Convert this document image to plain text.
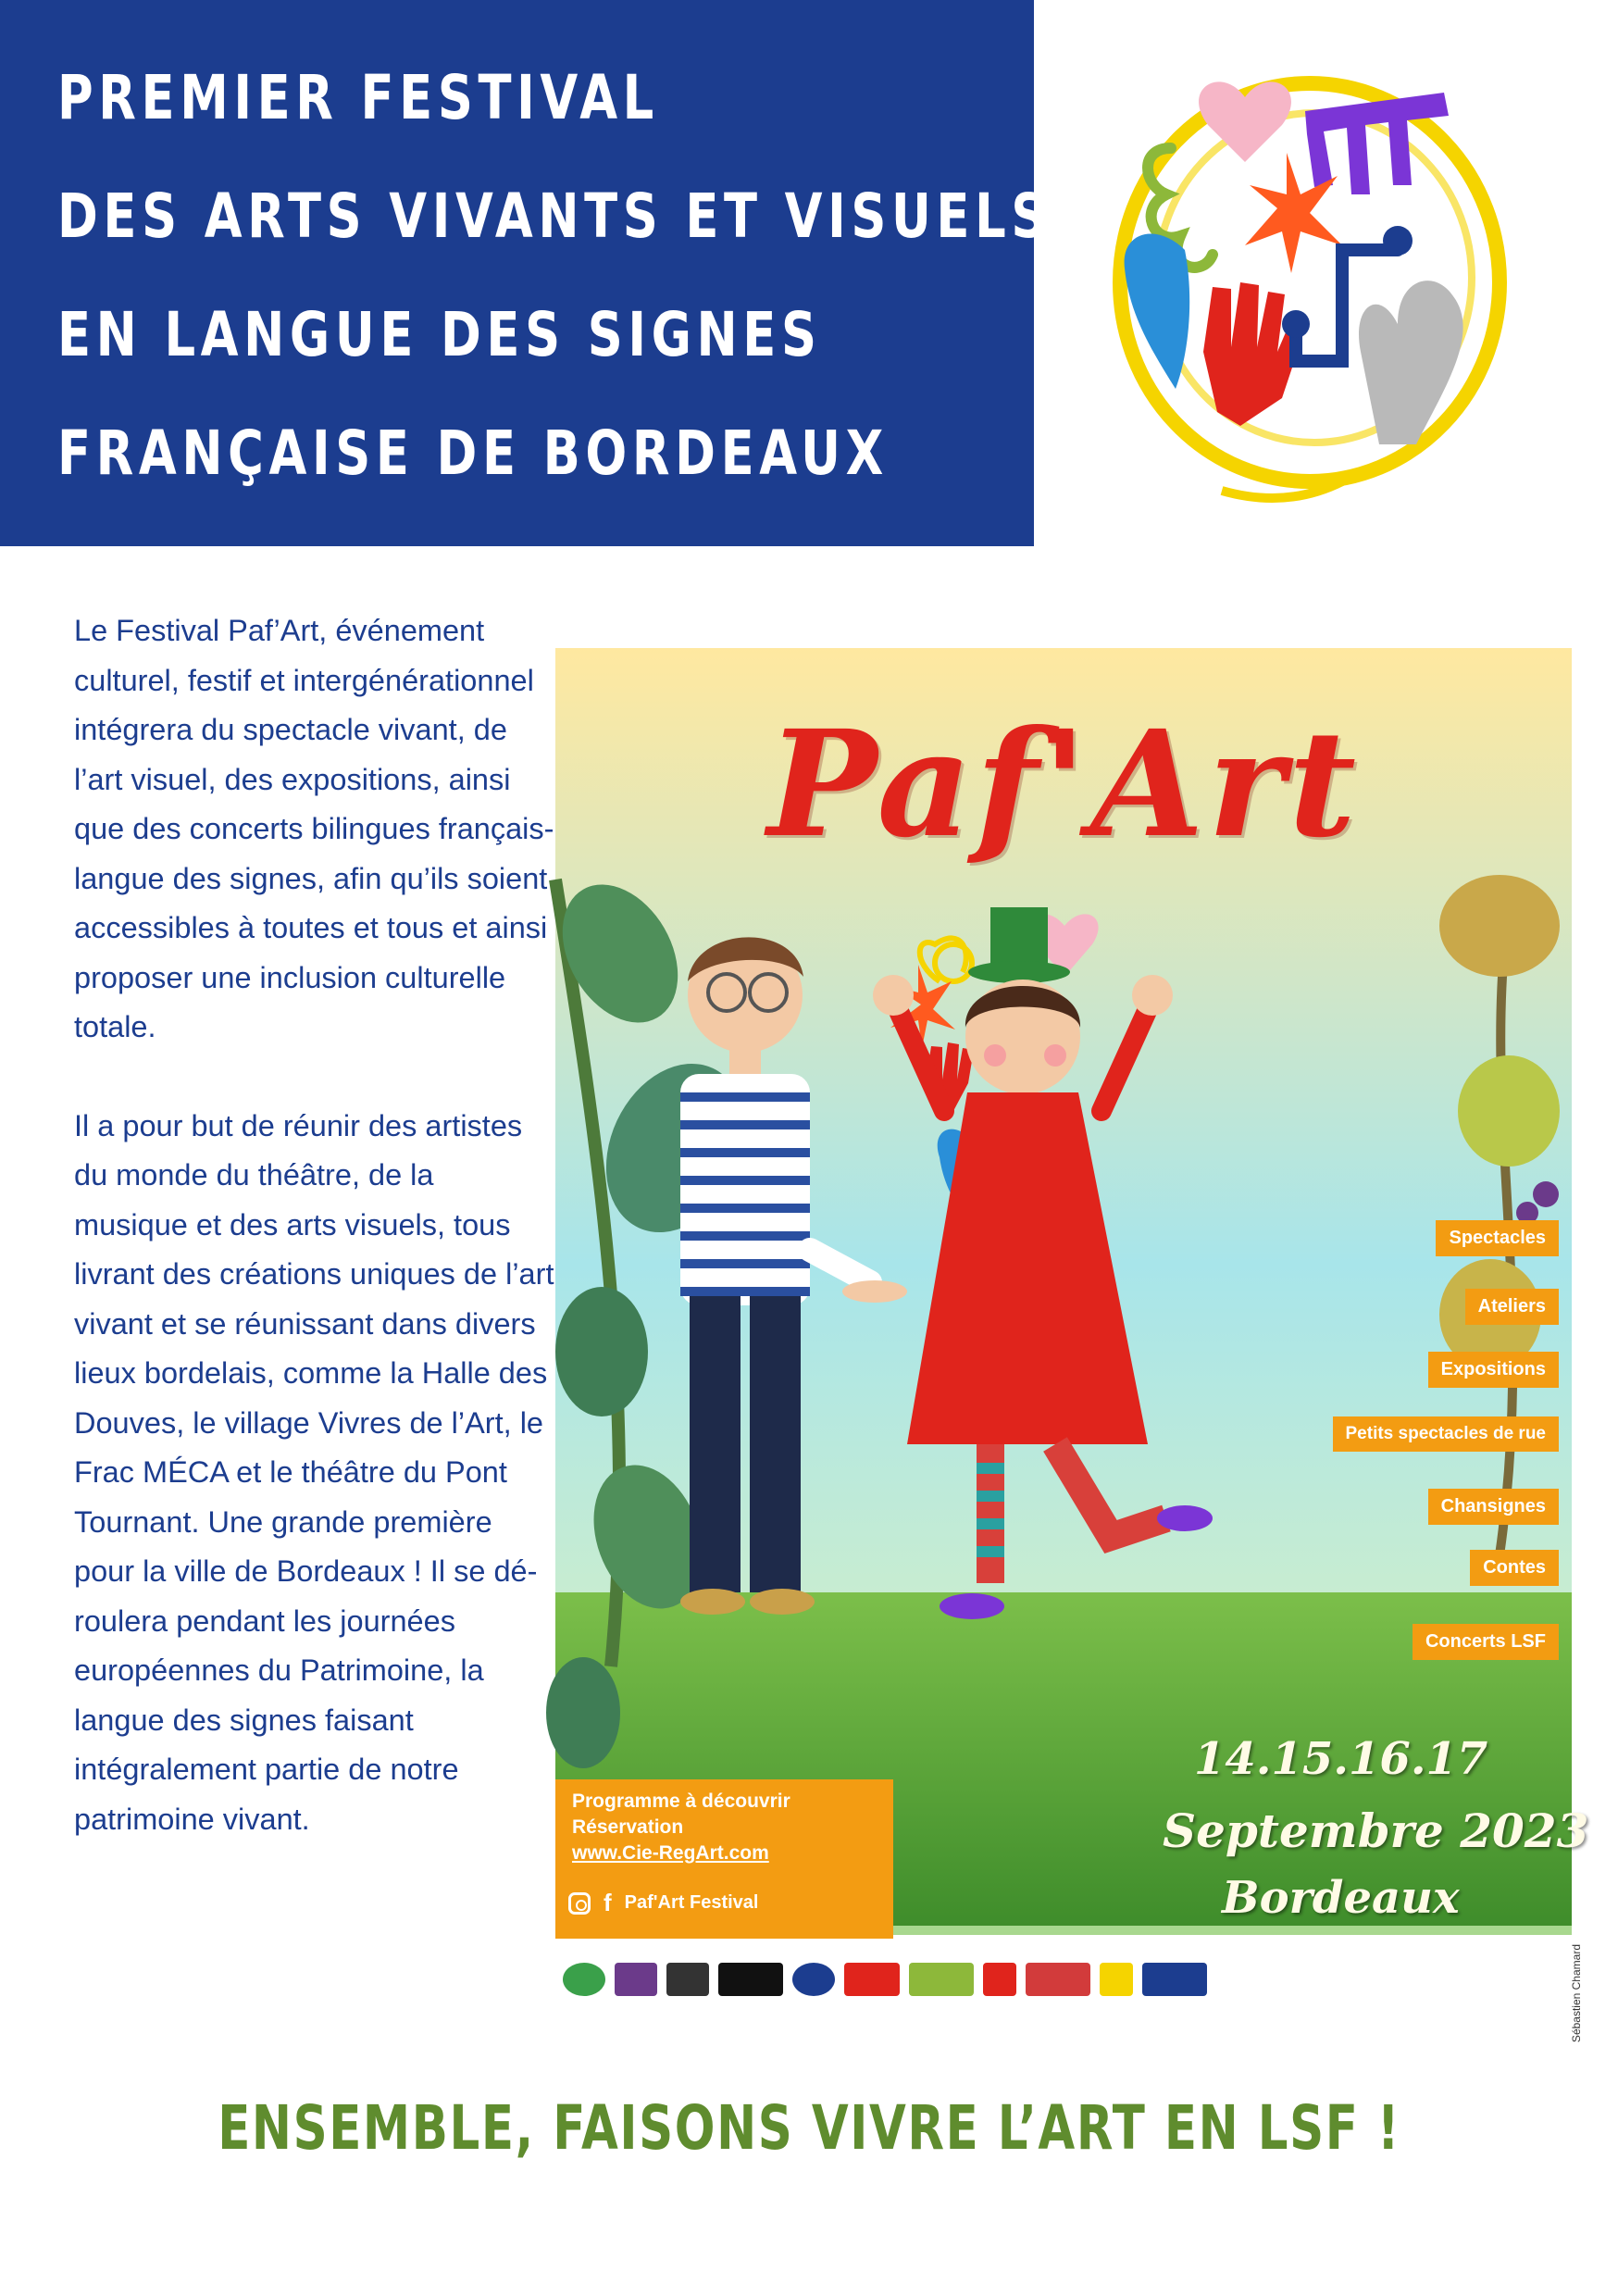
PREMIER FESTIVAL
DES ARTS VIVANTS ET VISUELS
EN LANGUE DES SIGNES
FRANÇAISE DE BORDEAUX

Le Festival Paf’Art, événement culturel, festif et intergénérationnel intégrera du spectacle vivant, de l’art visuel, des expositions, ainsi que des concerts bilingues français-langue des signes, afin qu’ils soient accessibles à toutes et tous et ainsi proposer une inclusion culturelle totale.

Il a pour but de réunir des artistes du monde du théâtre, de la musique et des arts visuels, tous livrant des créations uniques de l’art vivant et se réunissant dans divers lieux bordelais, comme la Halle des Douves, le village Vivres de l’Art, le Frac MÉCA et le théâtre du Pont Tournant. Une grande première pour la ville de Bordeaux ! Il se dé-roulera pendant les journées européennes du Patrimoine, la langue des signes faisant intégralement partie de notre patrimoine vivant.

Paf'Art
Spectacles
Ateliers
Expositions
Petits spectacles de rue
Chansignes
Contes
Concerts LSF
Programme à découvrir
Réservation
www.Cie-RegArt.com
f Paf'Art Festival
14.15.16.17
Septembre 2023
Bordeaux
Sébastien Chamard
ENSEMBLE, FAISONS VIVRE L’ART EN LSF !
